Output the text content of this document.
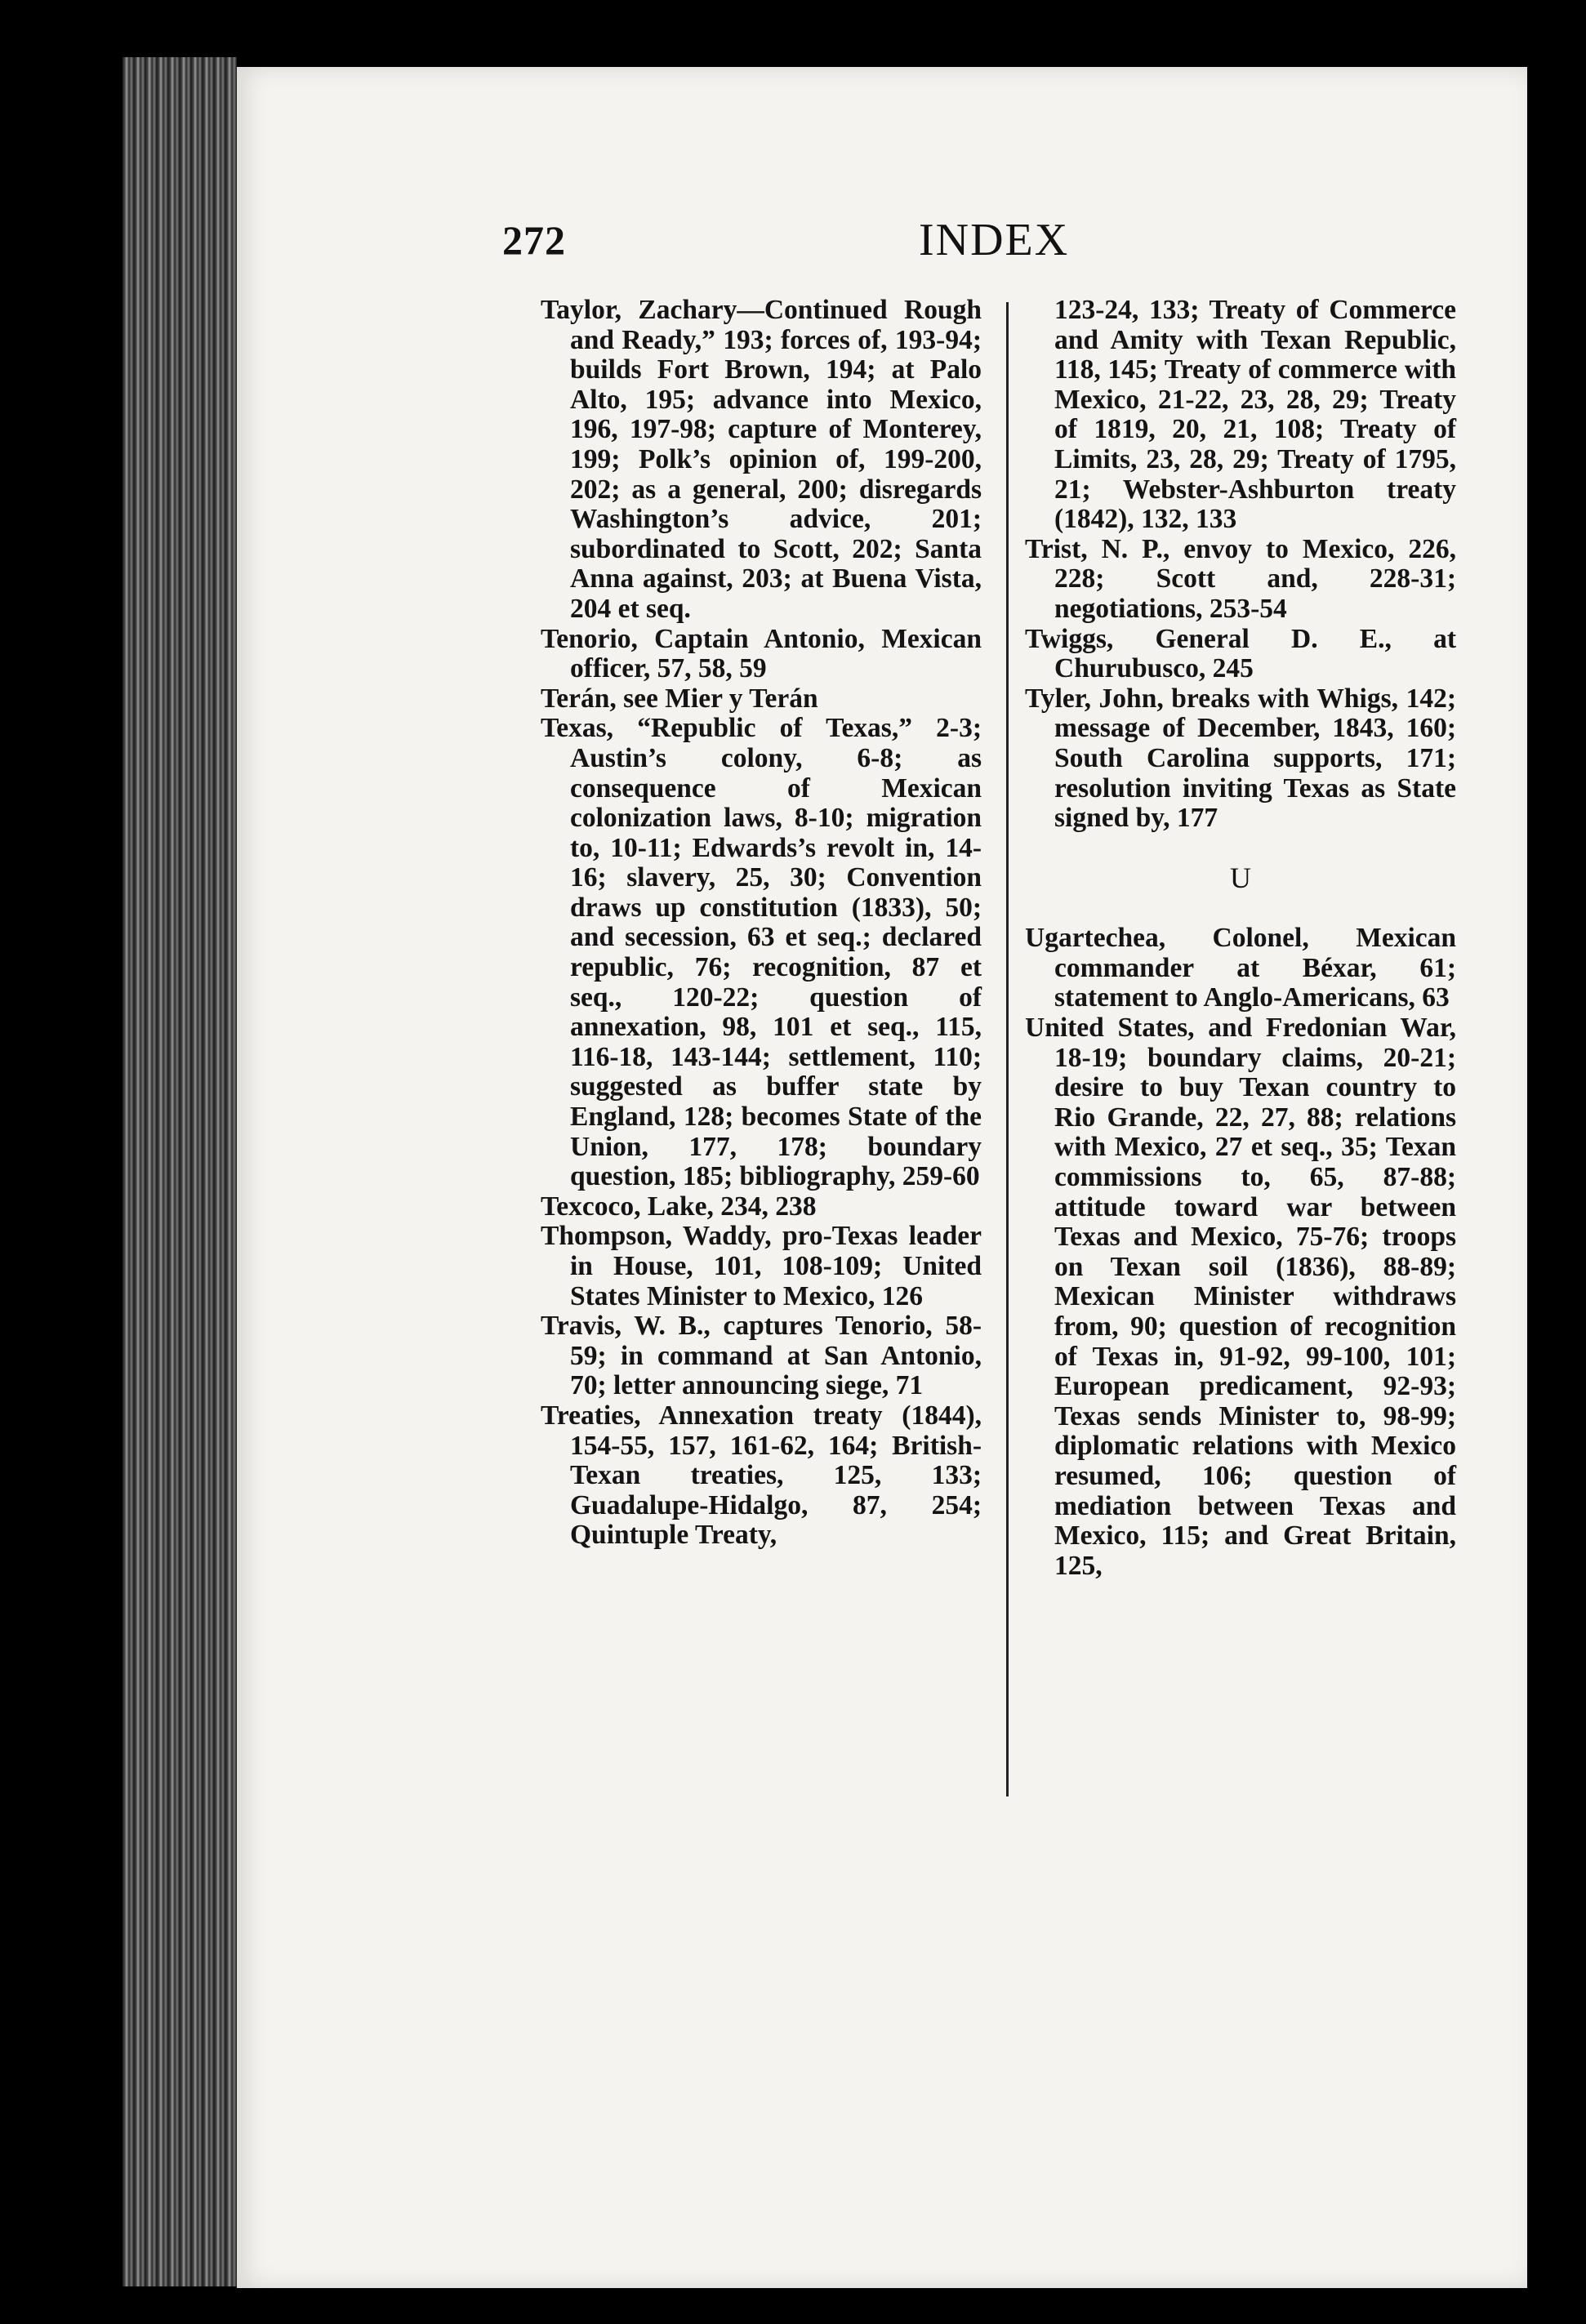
272	INDEX
Taylor, Zachary—Continued Rough and Ready,” 193; forces of, 193-94; builds Fort Brown, 194; at Palo Alto, 195; advance into Mexico, 196, 197-98; capture of Monterey, 199; Polk’s opinion of, 199-200, 202; as a general, 200; disregards Washington’s advice, 201; subordinated to Scott, 202; Santa Anna against, 203; at Buena Vista, 204 et seq.
Tenorio, Captain Antonio, Mexican officer, 57, 58, 59
Terán, see Mier y Terán
Texas, “Republic of Texas,” 2-3; Austin’s colony, 6-8; as consequence of Mexican colonization laws, 8-10; migration to, 10-11; Edwards’s revolt in, 14-16; slavery, 25, 30; Convention draws up constitution (1833), 50; and secession, 63 et seq.; declared republic, 76; recognition, 87 et seq., 120-22; question of annexation, 98, 101 et seq., 115, 116-18, 143-144; settlement, 110; suggested as buffer state by England, 128; becomes State of the Union, 177, 178; boundary question, 185; bibliography, 259-60
Texcoco, Lake, 234, 238
Thompson, Waddy, pro-Texas leader in House, 101, 108-109; United States Minister to Mexico, 126
Travis, W. B., captures Tenorio, 58-59; in command at San Antonio, 70; letter announcing siege, 71
Treaties, Annexation treaty (1844), 154-55, 157, 161-62, 164; British-Texan treaties, 125, 133; Guadalupe-Hidalgo, 87, 254; Quintuple Treaty,
123-24, 133; Treaty of Commerce and Amity with Texan Republic, 118, 145; Treaty of commerce with Mexico, 21-22, 23, 28, 29; Treaty of 1819, 20, 21, 108; Treaty of Limits, 23, 28, 29; Treaty of 1795, 21; Webster-Ashburton treaty (1842), 132, 133
Trist, N. P., envoy to Mexico, 226, 228; Scott and, 228-31; negotiations, 253-54
Twiggs, General D. E., at Churubusco, 245
Tyler, John, breaks with Whigs, 142; message of December, 1843, 160; South Carolina supports, 171; resolution inviting Texas as State signed by, 177
U
Ugartechea, Colonel, Mexican commander at Béxar, 61; statement to Anglo-Americans, 63
United States, and Fredonian War, 18-19; boundary claims, 20-21; desire to buy Texan country to Rio Grande, 22, 27, 88; relations with Mexico, 27 et seq., 35; Texan commissions to, 65, 87-88; attitude toward war between Texas and Mexico, 75-76; troops on Texan soil (1836), 88-89; Mexican Minister withdraws from, 90; question of recognition of Texas in, 91-92, 99-100, 101; European predicament, 92-93; Texas sends Minister to, 98-99; diplomatic relations with Mexico resumed, 106; question of mediation between Texas and Mexico, 115; and Great Britain, 125,
